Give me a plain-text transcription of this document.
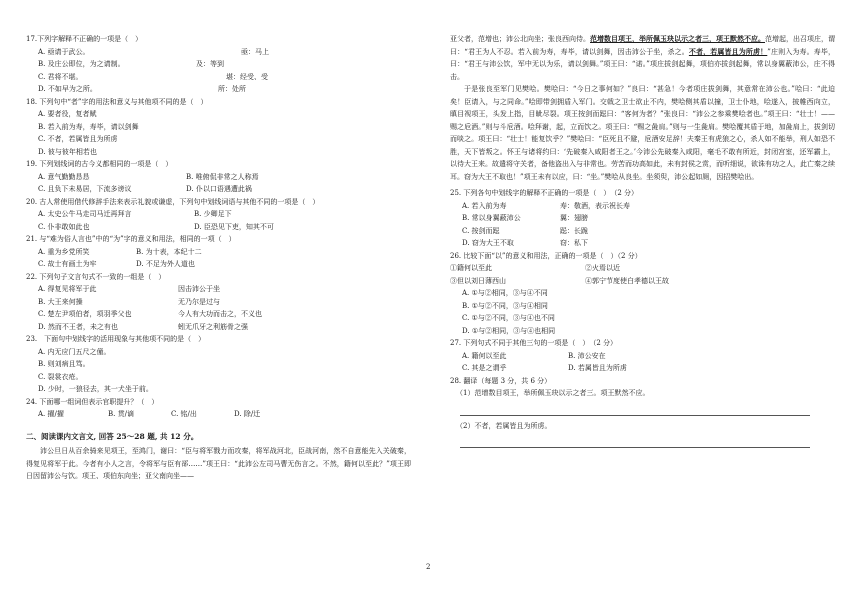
17.下列字解释不正确的一项是（　）
A. 亟请于武公。	亟：马上
B. 及庄公即位，为之请制。	及：等到
C. 君将不堪。	堪：经受、受
D. 不如早为之所。	所：处所
18. 下列句中“者”字的用法和意义与其他项不同的是（　）
A. 要者役，复者赋
B. 若入前为寿，寿毕，请以剑舞
C. 不者，若属皆且为所虏
D. 彼与彼年相若也
19. 下列划线词的古今义都相同的一项是（　）
A. 意气勤勤恳恳	B. 唯俯侃非常之人称焉
C. 且负下未易居，下流多谤议	D. 仆以口语遇遭此祸
20. 古人常使用借代修辞手法来表示礼貌或谦虚，下列句中划线词语与其他不同的一项是（　）
A. 太史公牛马走司马迁再拜言	B. 少卿足下
C. 仆非敢如此也	D. 臣恐见下吏，知其不可
21. 与“难为俗人言也”中的“为”字的意义和用法，相同的一项（　）
A. 重为乡党所笑	B. 为十表，本纪十二
C. 故士有画土为牢	D. 不足为外人道也
22. 下列句子文言句式不一致的一组是（　）
A. 得复见将军于此	因击沛公于坐
B. 大王来何操	无乃尔是过与
C. 楚左尹项伯者，项羽季父也	今人有大功而击之，不义也
D. 然而不王者，未之有也	蚓无爪牙之利筋骨之强
23.　下面句中划线字的活用现象与其他项不同的是（　）
A. 内无应门五尺之僮。
B. 则刘病且笃。
C. 裂裳衣疮。
D. 少时，一狼径去，其一犬坐于前。
24. 下面哪一组词但表示官职提升？（　）
A. 擢/擢	B. 贯/谪	C. 铭/出	D. 除/迁
二、阅读课内文言文, 回答 25～28 题, 共 12 分。
沛公旦日从百余骑来见项王，至鸿门，谢曰：“臣与将军戮力而攻秦，将军战河北，臣战河南，然不自意能先入关破秦，得复见将军于此。今者有小人之言，令将军与臣有郤……”项王曰：“此沛公左司马曹无伤言之。不然，籍何以至此？”项王即日因留沛公与饮。项王、项伯东向坐；亚父南向坐——
亚父者，范增也；沛公北向坐；张良西向侍。范增数目项王，举所佩玉玦以示之者三，项王默然不应。范增起，出召项庄，谓曰：“君王为人不忍。若入前为寿，寿毕，请以剑舞，因击沛公于坐，杀之。不者，若属皆且为所虏！”庄则入为寿。寿毕，曰：“君王与沛公饮，军中无以为乐，请以剑舞。”项王曰：“诺。”项庄拔剑起舞，项伯亦拔剑起舞，常以身翼蔽沛公，庄不得击。
于是张良至军门见樊哙。樊哙曰：“今日之事何如？”良曰：“甚急！今者项庄拔剑舞，其意常在沛公也。”哙曰：“此迫矣！臣请入，与之同命。”哙即带剑拥盾入军门。交戟之卫士欲止不内，樊哙侧其盾以撞，卫士仆地，哙遂入，披帷西向立，瞋目视项王，头发上指，目眦尽裂。项王按剑而跽曰：“客何为者？”张良曰：“沛公之参乘樊哙者也。”项王曰：“壮士！——赐之卮酒。”则与斗卮酒。哙拜谢，起，立而饮之。项王曰：“赐之彘肩。”则与一生彘肩。樊哙覆其盾于地，加彘肩上，拔剑切而啖之。项王曰：“壮士！能复饮乎？”樊哙曰：“臣死且不避，卮酒安足辞！夫秦王有虎狼之心，杀人如不能举，刑人如恐不胜，天下皆叛之。怀王与诸将约曰：‘先破秦入咸阳者王之。’今沛公先破秦入咸阳，毫毛不敢有所近，封闭宫室，还军霸上，以待大王来。故遣将守关者，备他盗出入与非常也。劳苦而功高如此，未有封侯之赏，而听细说，欲诛有功之人，此亡秦之续耳。窃为大王不取也！”项王未有以应，曰：“坐。”樊哙从良坐。坐须臾，沛公起如厕，因招樊哙出。
25. 下列各句中划线字的解释不正确的一项是（　）　（2 分）
A. 若入前为寿	寿：敬酒，表示祝长寿
B. 常以身翼蔽沛公	翼：翅膀
C. 按剑而跽	跽：长跪
D. 窃为大王不取	窃：私下
26. 比较下面“以”的意义和用法，正确的一项是（　）（2 分）
①籍何以至此	②火焉以近
③但以刘日薄西山	④郭宁节度使白孝德以王故
A. ①与②相同，③与④不同
B. ①与②不同，③与④相同
C. ①与②不同，③与④也不同
D. ①与②相同，③与④也相同
27. 下列句式不同于其他三句的一项是（　）　（2 分）
A. 籍何以至此	B. 沛公安在
C. 其是之谓乎	D. 若属皆且为所虏
28. 翻译（每题 3 分，共 6 分）
（1）范增数目项王，举所佩玉玦以示之者三。项王默然不应。
（2）不者，若属皆且为所虏。
2
